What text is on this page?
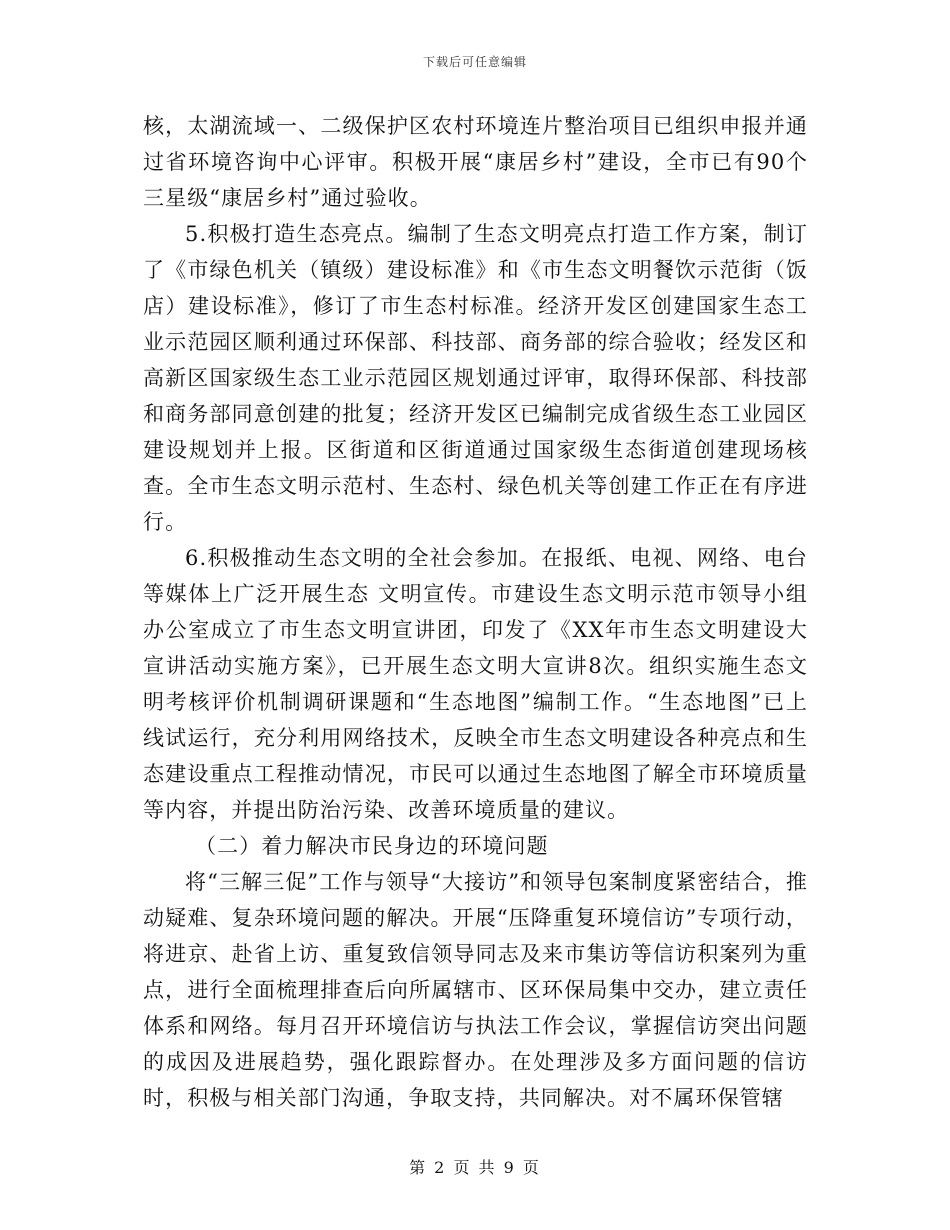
下载后可任意编辑

核，太湖流域一、二级保护区农村环境连片整治项目已组织申报并通过省环境咨询中心评审。积极开展“康居乡村”建设，全市已有90个三星级“康居乡村”通过验收。

5.积极打造生态亮点。编制了生态文明亮点打造工作方案，制订了《市绿色机关（镇级）建设标准》和《市生态文明餐饮示范街（饭店）建设标准》，修订了市生态村标准。经济开发区创建国家生态工业示范园区顺利通过环保部、科技部、商务部的综合验收；经发区和高新区国家级生态工业示范园区规划通过评审，取得环保部、科技部和商务部同意创建的批复；经济开发区已编制完成省级生态工业园区建设规划并上报。区街道和区街道通过国家级生态街道创建现场核查。全市生态文明示范村、生态村、绿色机关等创建工作正在有序进行。

6.积极推动生态文明的全社会参加。在报纸、电视、网络、电台等媒体上广泛开展生态 文明宣传。市建设生态文明示范市领导小组办公室成立了市生态文明宣讲团，印发了《XX年市生态文明建设大宣讲活动实施方案》，已开展生态文明大宣讲8次。组织实施生态文明考核评价机制调研课题和“生态地图”编制工作。“生态地图”已上线试运行，充分利用网络技术，反映全市生态文明建设各种亮点和生态建设重点工程推动情况，市民可以通过生态地图了解全市环境质量等内容，并提出防治污染、改善环境质量的建议。

（二）着力解决市民身边的环境问题

将“三解三促”工作与领导“大接访”和领导包案制度紧密结合，推动疑难、复杂环境问题的解决。开展“压降重复环境信访”专项行动，将进京、赴省上访、重复致信领导同志及来市集访等信访积案列为重点，进行全面梳理排查后向所属辖市、区环保局集中交办，建立责任体系和网络。每月召开环境信访与执法工作会议，掌握信访突出问题的成因及进展趋势，强化跟踪督办。在处理涉及多方面问题的信访时，积极与相关部门沟通，争取支持，共同解决。对不属环保管辖

第 2 页 共 9 页
